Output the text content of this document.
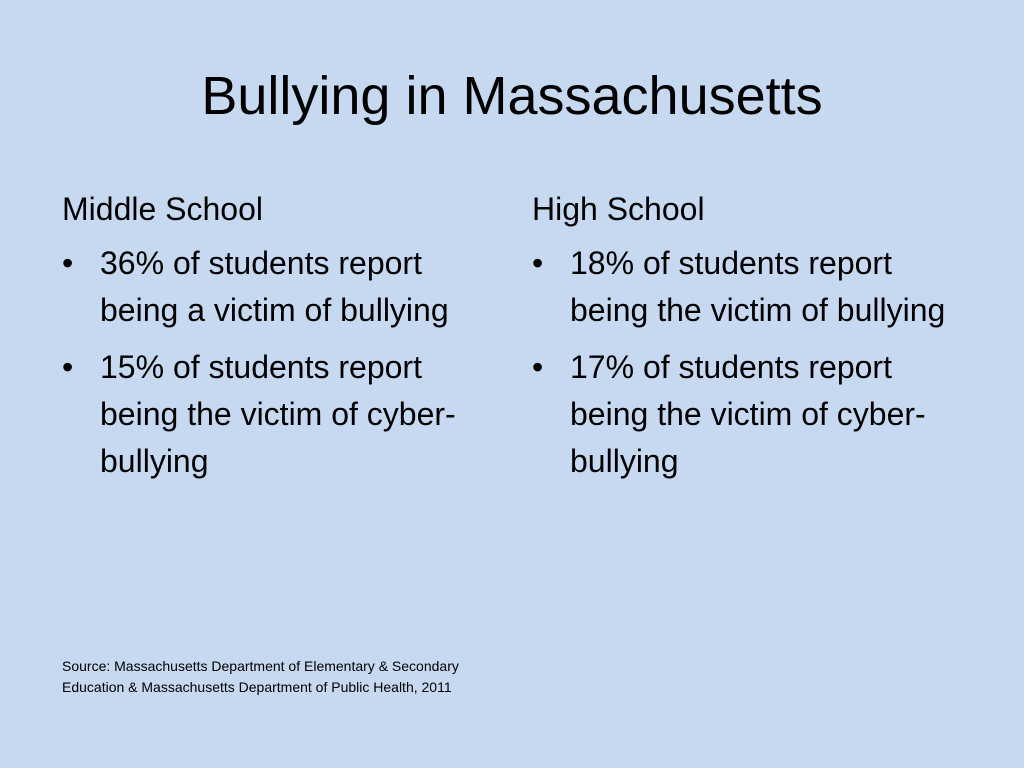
Bullying in Massachusetts
Middle School
• 36% of students report being a victim of bullying
• 15% of students report being the victim of cyber-bullying
High School
• 18% of students report being the victim of bullying
• 17% of students report being the victim of cyber-bullying

Source: Massachusetts Department of Elementary & Secondary Education & Massachusetts Department of Public Health, 2011
